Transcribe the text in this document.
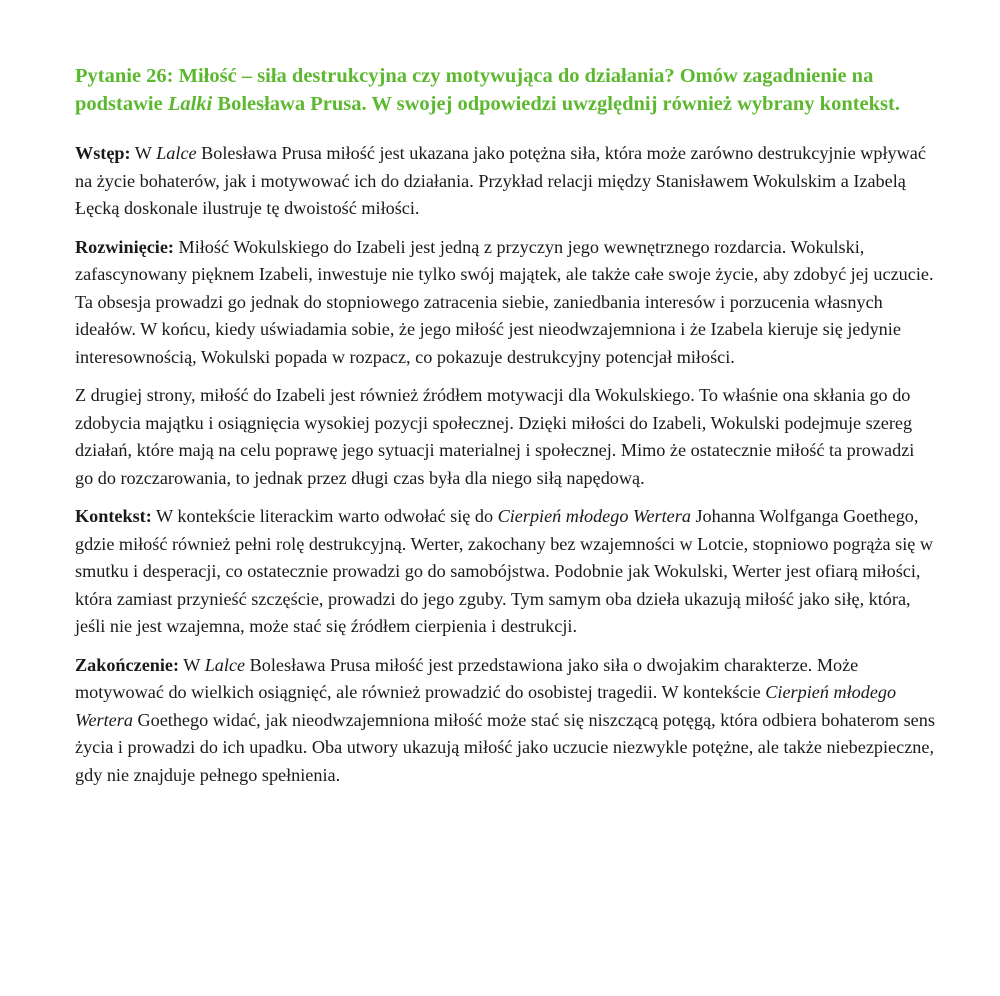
Pytanie 26: Miłość – siła destrukcyjna czy motywująca do działania? Omów zagadnienie na podstawie Lalki Bolesława Prusa. W swojej odpowiedzi uwzględnij również wybrany kontekst.

Wstęp: W Lalce Bolesława Prusa miłość jest ukazana jako potężna siła, która może zarówno destrukcyjnie wpływać na życie bohaterów, jak i motywować ich do działania. Przykład relacji między Stanisławem Wokulskim a Izabelą Łęcką doskonale ilustruje tę dwoistość miłości.

Rozwinięcie: Miłość Wokulskiego do Izabeli jest jedną z przyczyn jego wewnętrznego rozdarcia. Wokulski, zafascynowany pięknem Izabeli, inwestuje nie tylko swój majątek, ale także całe swoje życie, aby zdobyć jej uczucie. Ta obsesja prowadzi go jednak do stopniowego zatracenia siebie, zaniedbania interesów i porzucenia własnych ideałów. W końcu, kiedy uświadamia sobie, że jego miłość jest nieodwzajemniona i że Izabela kieruje się jedynie interesownością, Wokulski popada w rozpacz, co pokazuje destrukcyjny potencjał miłości.

Z drugiej strony, miłość do Izabeli jest również źródłem motywacji dla Wokulskiego. To właśnie ona skłania go do zdobycia majątku i osiągnięcia wysokiej pozycji społecznej. Dzięki miłości do Izabeli, Wokulski podejmuje szereg działań, które mają na celu poprawę jego sytuacji materialnej i społecznej. Mimo że ostatecznie miłość ta prowadzi go do rozczarowania, to jednak przez długi czas była dla niego siłą napędową.

Kontekst: W kontekście literackim warto odwołać się do Cierpień młodego Wertera Johanna Wolfganga Goethego, gdzie miłość również pełni rolę destrukcyjną. Werter, zakochany bez wzajemności w Lotcie, stopniowo pogrąża się w smutku i desperacji, co ostatecznie prowadzi go do samobójstwa. Podobnie jak Wokulski, Werter jest ofiarą miłości, która zamiast przynieść szczęście, prowadzi do jego zguby. Tym samym oba dzieła ukazują miłość jako siłę, która, jeśli nie jest wzajemna, może stać się źródłem cierpienia i destrukcji.

Zakończenie: W Lalce Bolesława Prusa miłość jest przedstawiona jako siła o dwojakim charakterze. Może motywować do wielkich osiągnięć, ale również prowadzić do osobistej tragedii. W kontekście Cierpień młodego Wertera Goethego widać, jak nieodwzajemniona miłość może stać się niszczącą potęgą, która odbiera bohaterom sens życia i prowadzi do ich upadku. Oba utwory ukazują miłość jako uczucie niezwykle potężne, ale także niebezpieczne, gdy nie znajduje pełnego spełnienia.
